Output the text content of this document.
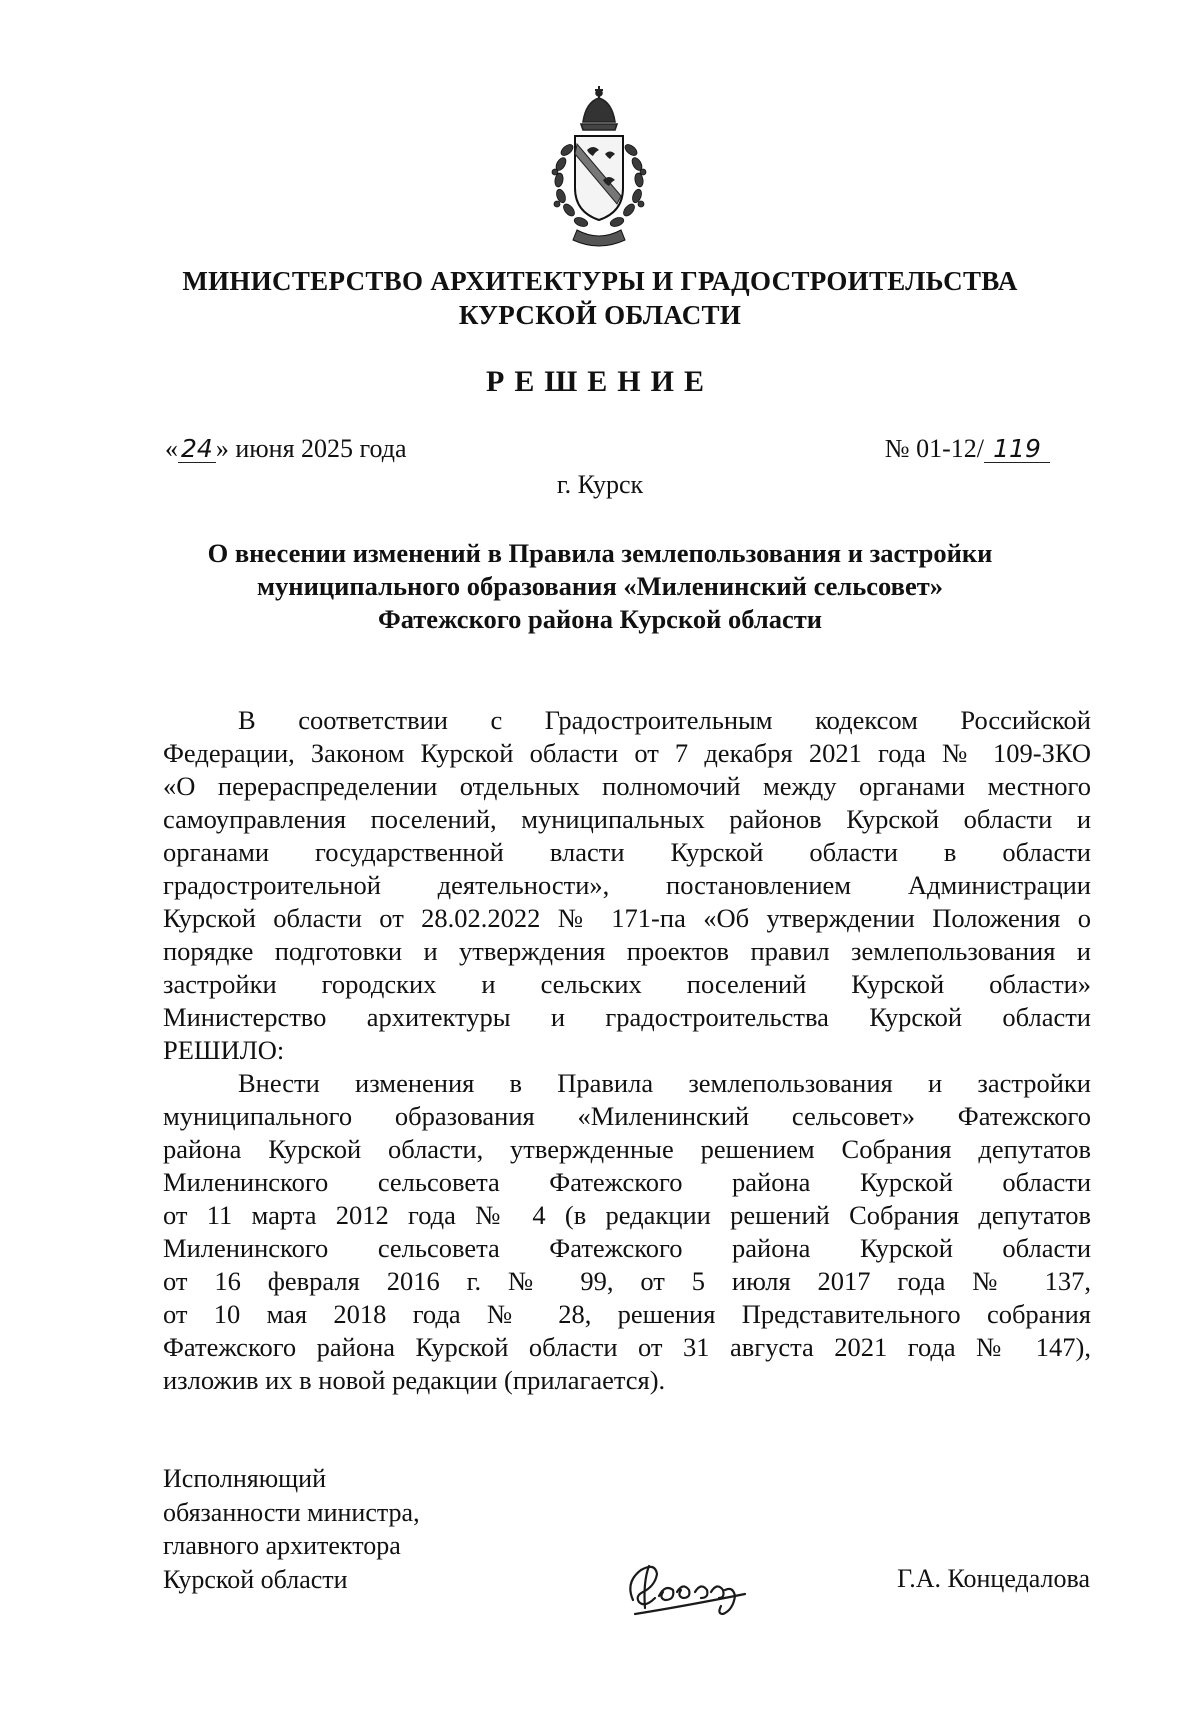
МИНИСТЕРСТВО АРХИТЕКТУРЫ И ГРАДОСТРОИТЕЛЬСТВА
КУРСКОЙ ОБЛАСТИ
РЕШЕНИЕ
« 24 » июня 2025 года	№ 01-12/ 119
г. Курск
О внесении изменений в Правила землепользования и застройки
муниципального образования «Миленинский сельсовет»
Фатежского района Курской области
В соответствии с Градостроительным кодексом Российской
Федерации, Законом Курской области от 7 декабря 2021 года № 109-ЗКО
«О перераспределении отдельных полномочий между органами местного
самоуправления поселений, муниципальных районов Курской области и
органами государственной власти Курской области в области
градостроительной деятельности», постановлением Администрации
Курской области от 28.02.2022 № 171-па «Об утверждении Положения о
порядке подготовки и утверждения проектов правил землепользования и
застройки городских и сельских поселений Курской области»
Министерство архитектуры и градостроительства Курской области
РЕШИЛО:
Внести изменения в Правила землепользования и застройки
муниципального образования «Миленинский сельсовет» Фатежского
района Курской области, утвержденные решением Собрания депутатов
Миленинского сельсовета Фатежского района Курской области
от 11 марта 2012 года № 4 (в редакции решений Собрания депутатов
Миленинского сельсовета Фатежского района Курской области
от 16 февраля 2016 г. № 99, от 5 июля 2017 года № 137,
от 10 мая 2018 года № 28, решения Представительного собрания
Фатежского района Курской области от 31 августа 2021 года № 147),
изложив их в новой редакции (прилагается).
Исполняющий
обязанности министра,
главного архитектора
Курской области	Г.А. Концедалова
